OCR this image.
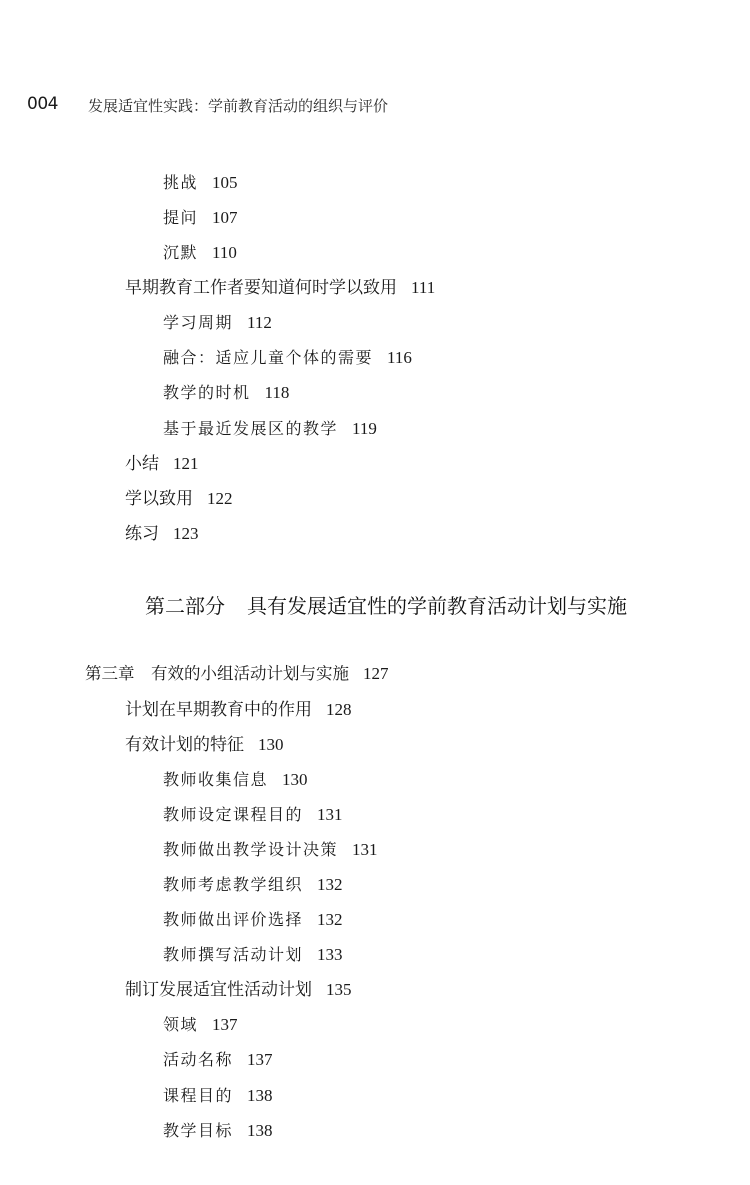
004 发展适宜性实践：学前教育活动的组织与评价
挑战 105
提问 107
沉默 110
早期教育工作者要知道何时学以致用 111
学习周期 112
融合：适应儿童个体的需要 116
教学的时机 118
基于最近发展区的教学 119
小结 121
学以致用 122
练习 123
第二部分 具有发展适宜性的学前教育活动计划与实施
第三章　有效的小组活动计划与实施 127
计划在早期教育中的作用 128
有效计划的特征 130
教师收集信息 130
教师设定课程目的 131
教师做出教学设计决策 131
教师考虑教学组织 132
教师做出评价选择 132
教师撰写活动计划 133
制订发展适宜性活动计划 135
领域 137
活动名称 137
课程目的 138
教学目标 138
